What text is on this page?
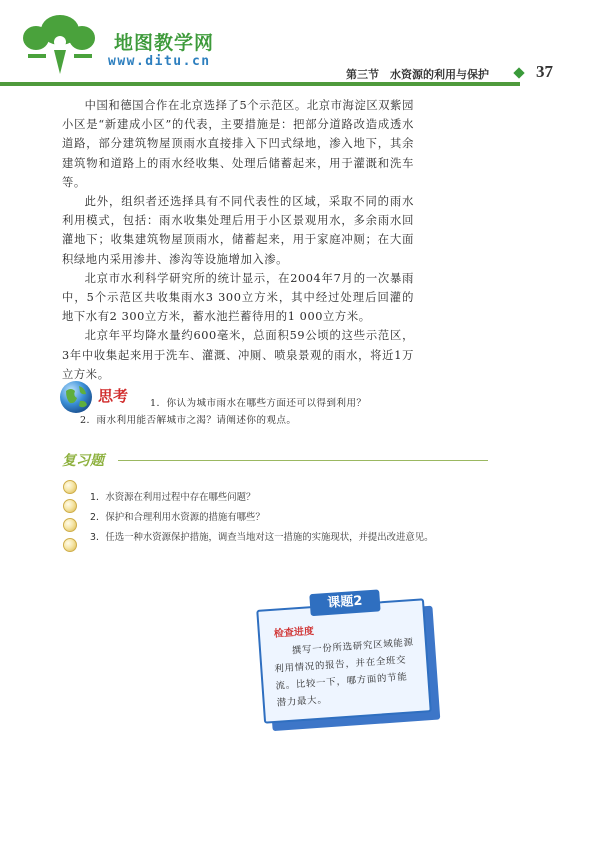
地图教学网
www.ditu.cn
第三节　水资源的利用与保护	37

中国和德国合作在北京选择了5个示范区。北京市海淀区双紫园小区是“新建成小区”的代表，主要措施是：把部分道路改造成透水道路，部分建筑物屋顶雨水直接排入下凹式绿地，渗入地下，其余建筑物和道路上的雨水经收集、处理后储蓄起来，用于灌溉和洗车等。

此外，组织者还选择具有不同代表性的区域，采取不同的雨水利用模式，包括：雨水收集处理后用于小区景观用水，多余雨水回灌地下；收集建筑物屋顶雨水，储蓄起来，用于家庭冲厕；在大面积绿地内采用渗井、渗沟等设施增加入渗。

北京市水利科学研究所的统计显示，在2004年7月的一次暴雨中，5个示范区共收集雨水3 300立方米，其中经过处理后回灌的地下水有2 300立方米，蓄水池拦蓄待用的1 000立方米。

北京年平均降水量约600毫米，总面积59公顷的这些示范区，3年中收集起来用于洗车、灌溉、冲厕、喷泉景观的雨水，将近1万立方米。

思考 1．你认为城市雨水在哪些方面还可以得到利用？
2．雨水利用能否解城市之渴？请阐述你的观点。
复习题
1．水资源在利用过程中存在哪些问题？
2．保护和合理利用水资源的措施有哪些？
3．任选一种水资源保护措施，调查当地对这一措施的实施现状，并提出改进意见。
课题2
检查进度

撰写一份所选研究区域能源利用情况的报告，并在全班交流。比较一下，哪方面的节能潜力最大。
